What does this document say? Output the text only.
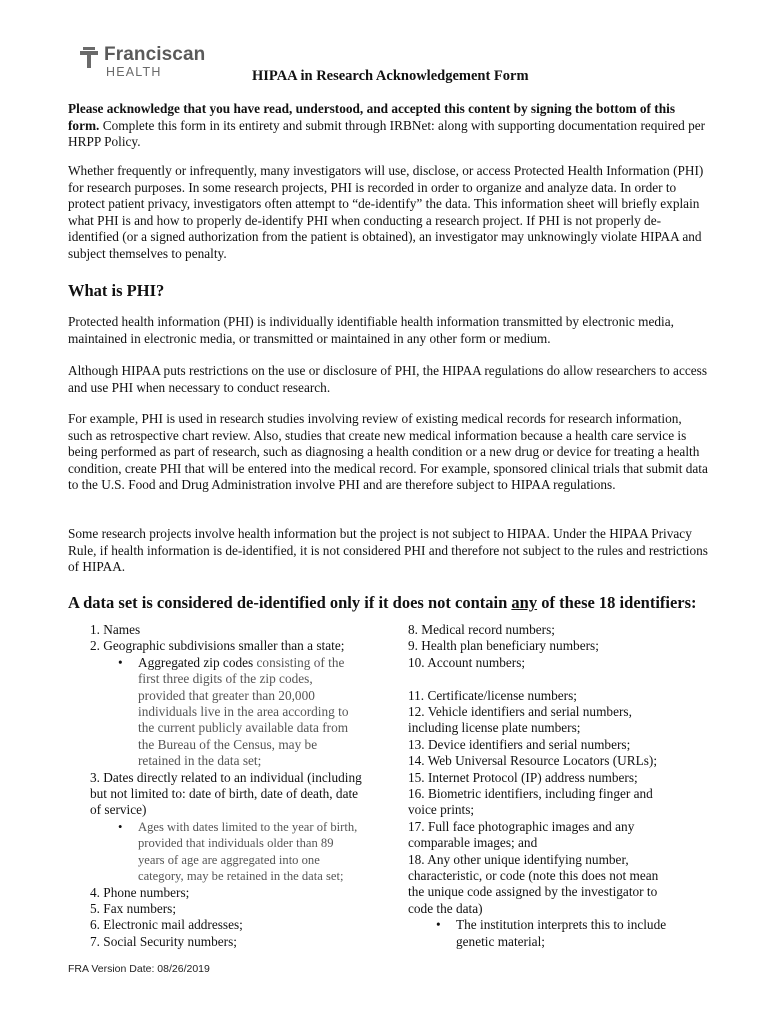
Franciscan
HEALTH	HIPAA in Research Acknowledgement Form

Please acknowledge that you have read, understood, and accepted this content by signing the bottom of this form. Complete this form in its entirety and submit through IRBNet: along with supporting documentation required per HRPP Policy.

Whether frequently or infrequently, many investigators will use, disclose, or access Protected Health Information (PHI) for research purposes. In some research projects, PHI is recorded in order to organize and analyze data. In order to protect patient privacy, investigators often attempt to “de-identify” the data. This information sheet will briefly explain what PHI is and how to properly de-identify PHI when conducting a research project. If PHI is not properly de-identified (or a signed authorization from the patient is obtained), an investigator may unknowingly violate HIPAA and subject themselves to penalty.

What is PHI?

Protected health information (PHI) is individually identifiable health information transmitted by electronic media, maintained in electronic media, or transmitted or maintained in any other form or medium.

Although HIPAA puts restrictions on the use or disclosure of PHI, the HIPAA regulations do allow researchers to access and use PHI when necessary to conduct research.

For example, PHI is used in research studies involving review of existing medical records for research information, such as retrospective chart review. Also, studies that create new medical information because a health care service is being performed as part of research, such as diagnosing a health condition or a new drug or device for treating a health condition, create PHI that will be entered into the medical record. For example, sponsored clinical trials that submit data to the U.S. Food and Drug Administration involve PHI and are therefore subject to HIPAA regulations.

Some research projects involve health information but the project is not subject to HIPAA. Under the HIPAA Privacy Rule, if health information is de-identified, it is not considered PHI and therefore not subject to the rules and restrictions of HIPAA.

A data set is considered de-identified only if it does not contain any of these 18 identifiers:
1. Names
2. Geographic subdivisions smaller than a state;
• Aggregated zip codes consisting of the first three digits of the zip codes, provided that greater than 20,000 individuals live in the area according to the current publicly available data from the Bureau of the Census, may be retained in the data set;
3. Dates directly related to an individual (including but not limited to: date of birth, date of death, date of service)
• Ages with dates limited to the year of birth, provided that individuals older than 89 years of age are aggregated into one category, may be retained in the data set;
4. Phone numbers;
5. Fax numbers;
6. Electronic mail addresses;
7. Social Security numbers;
8. Medical record numbers;
9. Health plan beneficiary numbers;
10. Account numbers;
11. Certificate/license numbers;
12. Vehicle identifiers and serial numbers, including license plate numbers;
13. Device identifiers and serial numbers;
14. Web Universal Resource Locators (URLs);
15. Internet Protocol (IP) address numbers;
16. Biometric identifiers, including finger and voice prints;
17. Full face photographic images and any comparable images; and
18. Any other unique identifying number, characteristic, or code (note this does not mean the unique code assigned by the investigator to code the data)
• The institution interprets this to include genetic material;
FRA Version Date: 08/26/2019
